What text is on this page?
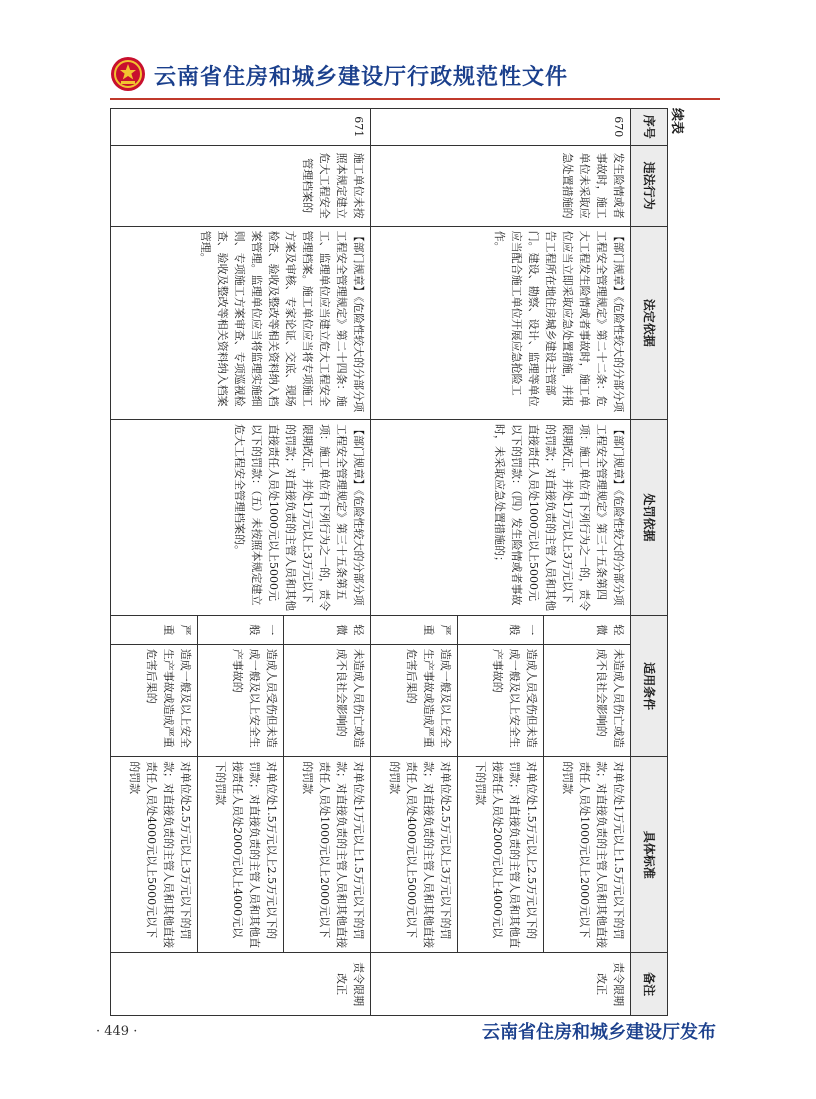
云南省住房和城乡建设厅行政规范性文件
续表
序号	违法行为	法定依据	处罚依据	适用条件		具体标准	备注
670	发生险情或者事故时，施工单位未采取应急处置措施的	【部门规章】《危险性较大的分部分项工程安全管理规定》第二十二条：危大工程发生险情或者事故时，施工单位应当立即采取应急处置措施，并报告工程所在地住房城乡建设主管部门。建设、勘察、设计、监理等单位应当配合施工单位开展应急抢险工作。	【部门规章】《危险性较大的分部分项工程安全管理规定》第三十五条第四项：施工单位有下列行为之一的，责令限期改正，并处1万元以上3万元以下的罚款；对直接负责的主管人员和其他直接责任人员处1000元以上5000元以下的罚款：（四）发生险情或者事故时，未采取应急处置措施的；	轻微	未造成人员伤亡或造成不良社会影响的	对单位处1万元以上1.5万元以下的罚款；对直接负责的主管人员和其他直接责任人员处1000元以上2000元以下的罚款	责令限期改正
				一般	造成人员受伤但未造成一般及以上安全生产事故的	对单位处1.5万元以上2.5万元以下的罚款；对直接负责的主管人员和其他直接责任人员处2000元以上4000元以下的罚款	
				严重	造成一般及以上安全生产事故或造成严重危害后果的	对单位处2.5万元以上3万元以下的罚款；对直接负责的主管人员和其他直接责任人员处4000元以上5000元以下的罚款	
671	施工单位未按照本规定建立危大工程安全管理档案的	【部门规章】《危险性较大的分部分项工程安全管理规定》第二十四条：施工、监理单位应当建立危大工程安全管理档案。施工单位应当将专项施工方案及审核、专家论证、交底、现场检查、验收及整改等相关资料纳入档案管理。监理单位应当将监理实施细则、专项施工方案审查、专项巡视检查、验收及整改等相关资料纳入档案管理。	【部门规章】《危险性较大的分部分项工程安全管理规定》第三十五条第五项：施工单位有下列行为之一的，责令限期改正，并处1万元以上3万元以下的罚款；对直接负责的主管人员和其他直接责任人员处1000元以上5000元以下的罚款：（五）未按照本规定建立危大工程安全管理档案的。	轻微	未造成人员伤亡或造成不良社会影响的	对单位处1万元以上1.5万元以下的罚款；对直接负责的主管人员和其他直接责任人员处1000元以上2000元以下的罚款	责令限期改正
				一般	造成人员受伤但未造成一般及以上安全生产事故的	对单位处1.5万元以上2.5万元以下的罚款；对直接负责的主管人员和其他直接责任人员处2000元以上4000元以下的罚款	
				严重	造成一般及以上安全生产事故或造成严重危害后果的	对单位处2.5万元以上3万元以下的罚款；对直接负责的主管人员和其他直接责任人员处4000元以上5000元以下的罚款	
· 449 ·	云南省住房和城乡建设厅发布
